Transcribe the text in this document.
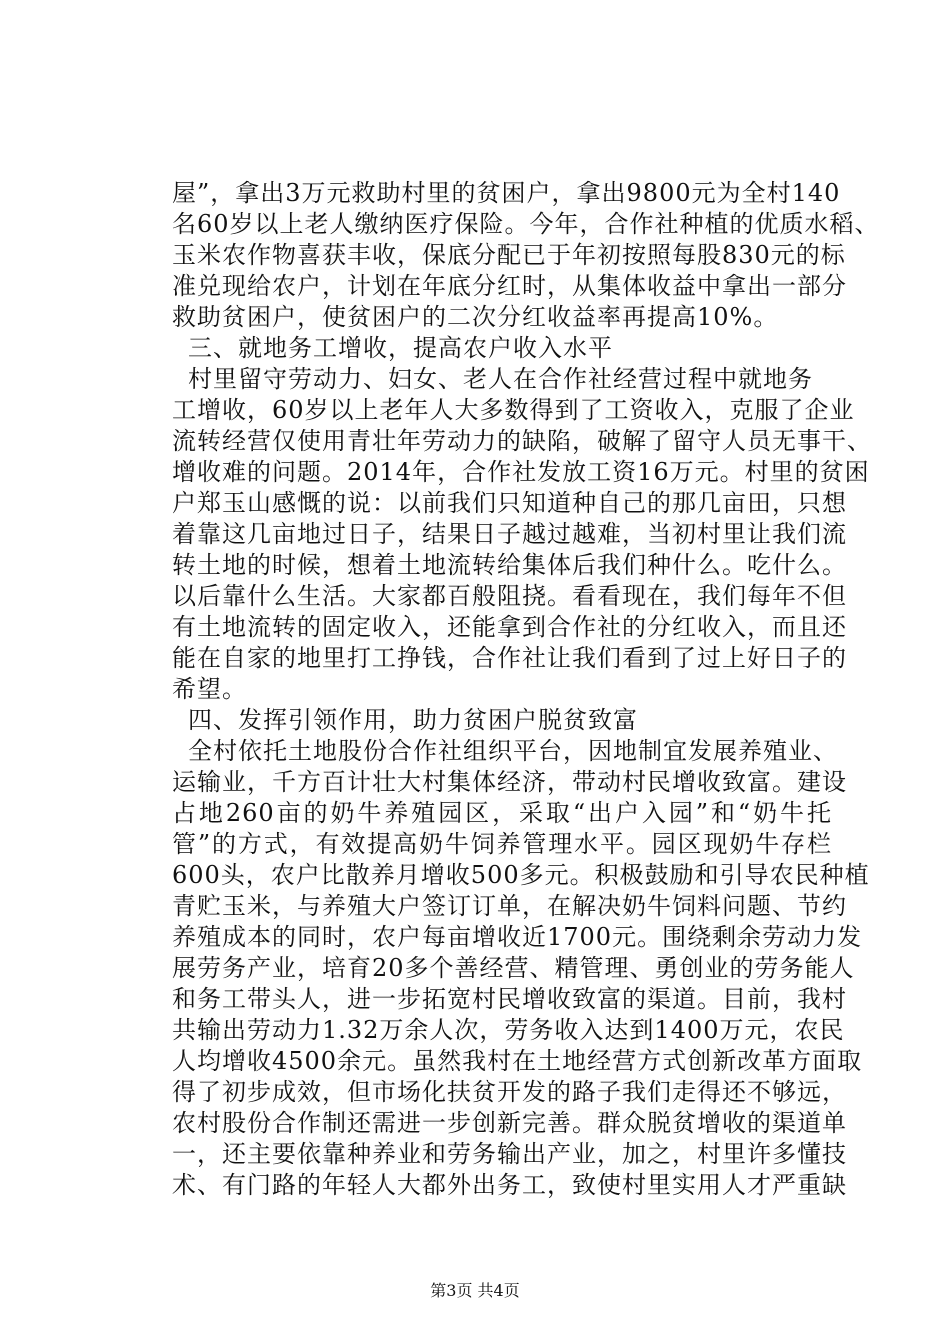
屋”，拿出3万元救助村里的贫困户，拿出9800元为全村140
名60岁以上老人缴纳医疗保险。今年，合作社种植的优质水稻、
玉米农作物喜获丰收，保底分配已于年初按照每股830元的标
准兑现给农户，计划在年底分红时，从集体收益中拿出一部分
救助贫困户，使贫困户的二次分红收益率再提高10%。
三、就地务工增收，提高农户收入水平
村里留守劳动力、妇女、老人在合作社经营过程中就地务
工增收，60岁以上老年人大多数得到了工资收入，克服了企业
流转经营仅使用青壮年劳动力的缺陷，破解了留守人员无事干、
增收难的问题。2014年，合作社发放工资16万元。村里的贫困
户郑玉山感慨的说：以前我们只知道种自己的那几亩田，只想
着靠这几亩地过日子，结果日子越过越难，当初村里让我们流
转土地的时候，想着土地流转给集体后我们种什么。吃什么。
以后靠什么生活。大家都百般阻挠。看看现在，我们每年不但
有土地流转的固定收入，还能拿到合作社的分红收入，而且还
能在自家的地里打工挣钱，合作社让我们看到了过上好日子的
希望。
四、发挥引领作用，助力贫困户脱贫致富
全村依托土地股份合作社组织平台，因地制宜发展养殖业、
运输业，千方百计壮大村集体经济，带动村民增收致富。建设
占地260亩的奶牛养殖园区，采取“出户入园”和“奶牛托
管”的方式，有效提高奶牛饲养管理水平。园区现奶牛存栏
600头，农户比散养月增收500多元。积极鼓励和引导农民种植
青贮玉米，与养殖大户签订订单，在解决奶牛饲料问题、节约
养殖成本的同时，农户每亩增收近1700元。围绕剩余劳动力发
展劳务产业，培育20多个善经营、精管理、勇创业的劳务能人
和务工带头人，进一步拓宽村民增收致富的渠道。目前，我村
共输出劳动力1.32万余人次，劳务收入达到1400万元，农民
人均增收4500余元。虽然我村在土地经营方式创新改革方面取
得了初步成效，但市场化扶贫开发的路子我们走得还不够远，
农村股份合作制还需进一步创新完善。群众脱贫增收的渠道单
一，还主要依靠种养业和劳务输出产业，加之，村里许多懂技
术、有门路的年轻人大都外出务工，致使村里实用人才严重缺
第3页 共4页
